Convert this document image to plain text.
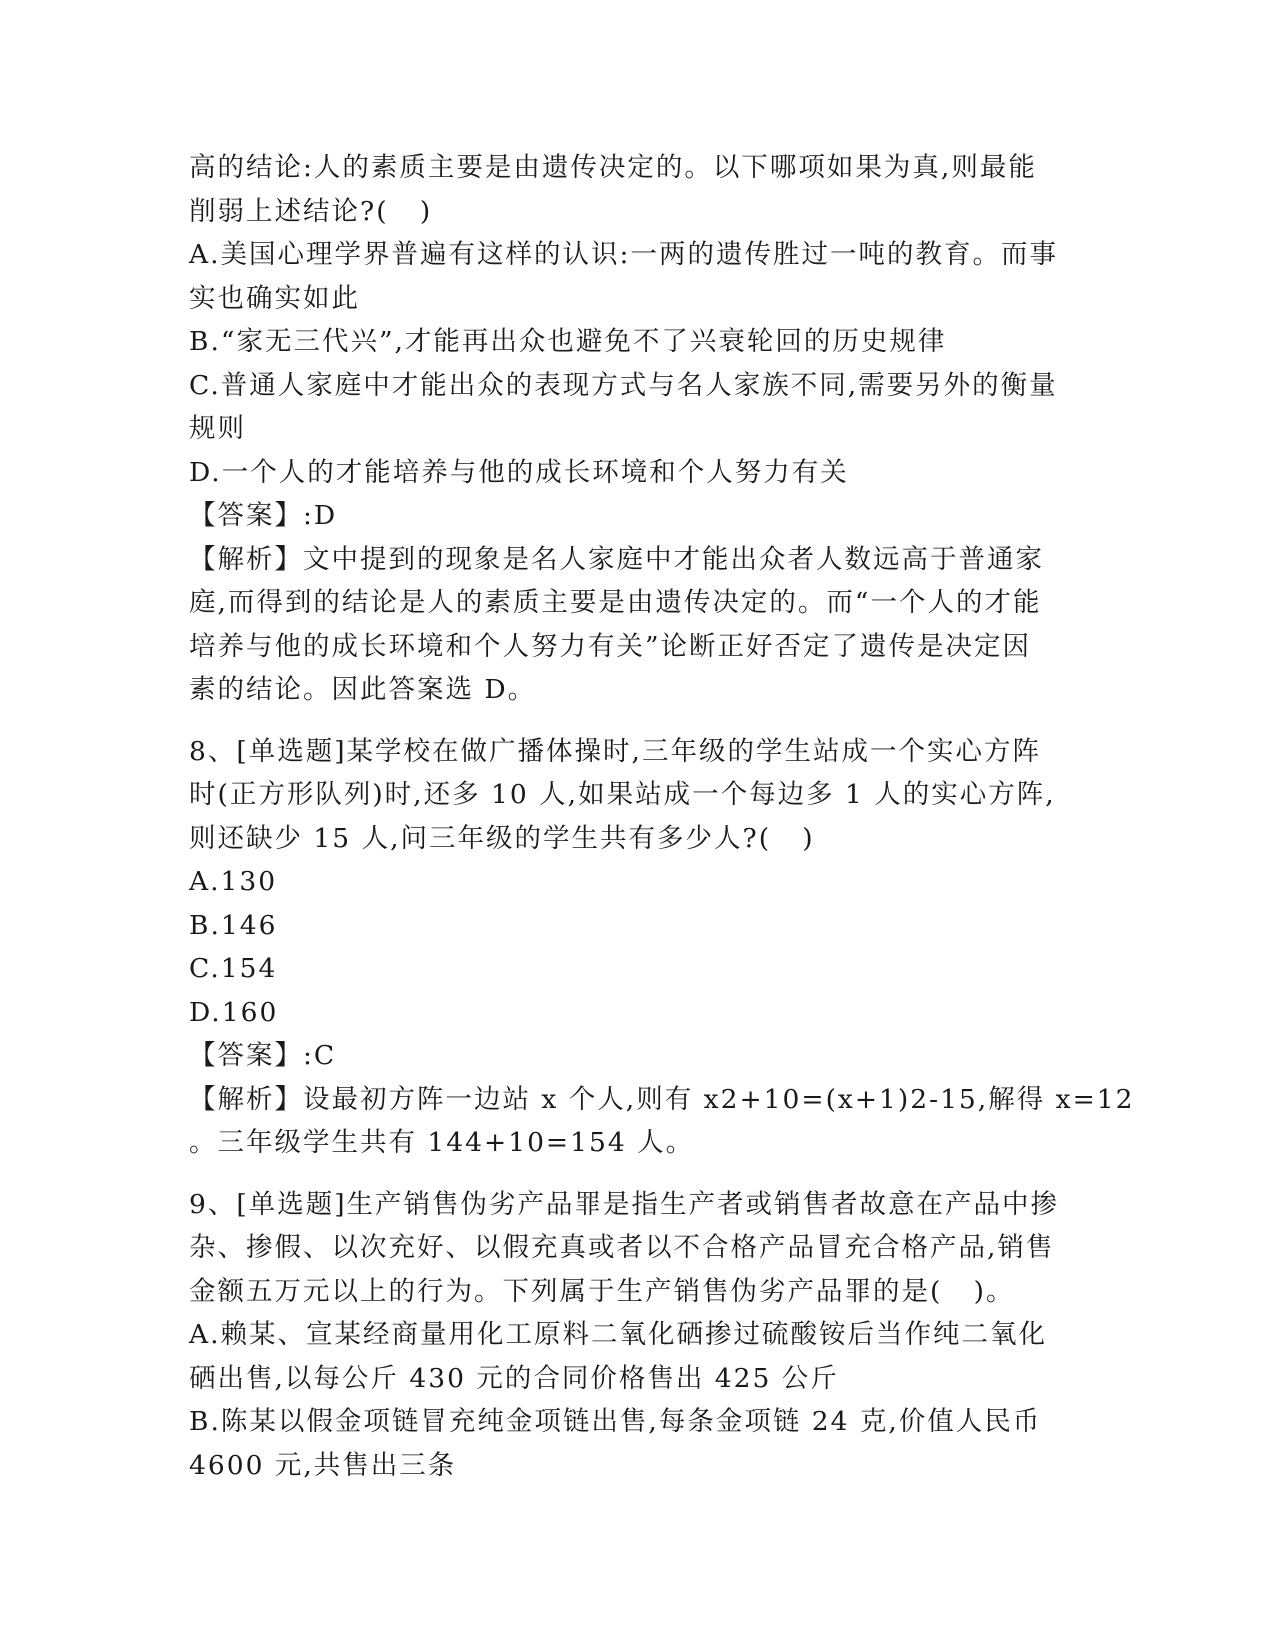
高的结论:人的素质主要是由遗传决定的。以下哪项如果为真,则最能
削弱上述结论?(   )
A.美国心理学界普遍有这样的认识:一两的遗传胜过一吨的教育。而事
实也确实如此
B.“家无三代兴”,才能再出众也避免不了兴衰轮回的历史规律
C.普通人家庭中才能出众的表现方式与名人家族不同,需要另外的衡量
规则
D.一个人的才能培养与他的成长环境和个人努力有关
【答案】:D
【解析】文中提到的现象是名人家庭中才能出众者人数远高于普通家
庭,而得到的结论是人的素质主要是由遗传决定的。而“一个人的才能
培养与他的成长环境和个人努力有关”论断正好否定了遗传是决定因
素的结论。因此答案选 D。
8、[单选题]某学校在做广播体操时,三年级的学生站成一个实心方阵
时(正方形队列)时,还多 10 人,如果站成一个每边多 1 人的实心方阵,
则还缺少 15 人,问三年级的学生共有多少人?(   )
A.130
B.146
C.154
D.160
【答案】:C
【解析】设最初方阵一边站 x 个人,则有 x2+10=(x+1)2-15,解得 x=12
。三年级学生共有 144+10=154 人。
9、[单选题]生产销售伪劣产品罪是指生产者或销售者故意在产品中掺
杂、掺假、以次充好、以假充真或者以不合格产品冒充合格产品,销售
金额五万元以上的行为。下列属于生产销售伪劣产品罪的是(   )。
A.赖某、宣某经商量用化工原料二氧化硒掺过硫酸铵后当作纯二氧化
硒出售,以每公斤 430 元的合同价格售出 425 公斤
B.陈某以假金项链冒充纯金项链出售,每条金项链 24 克,价值人民币
4600 元,共售出三条
